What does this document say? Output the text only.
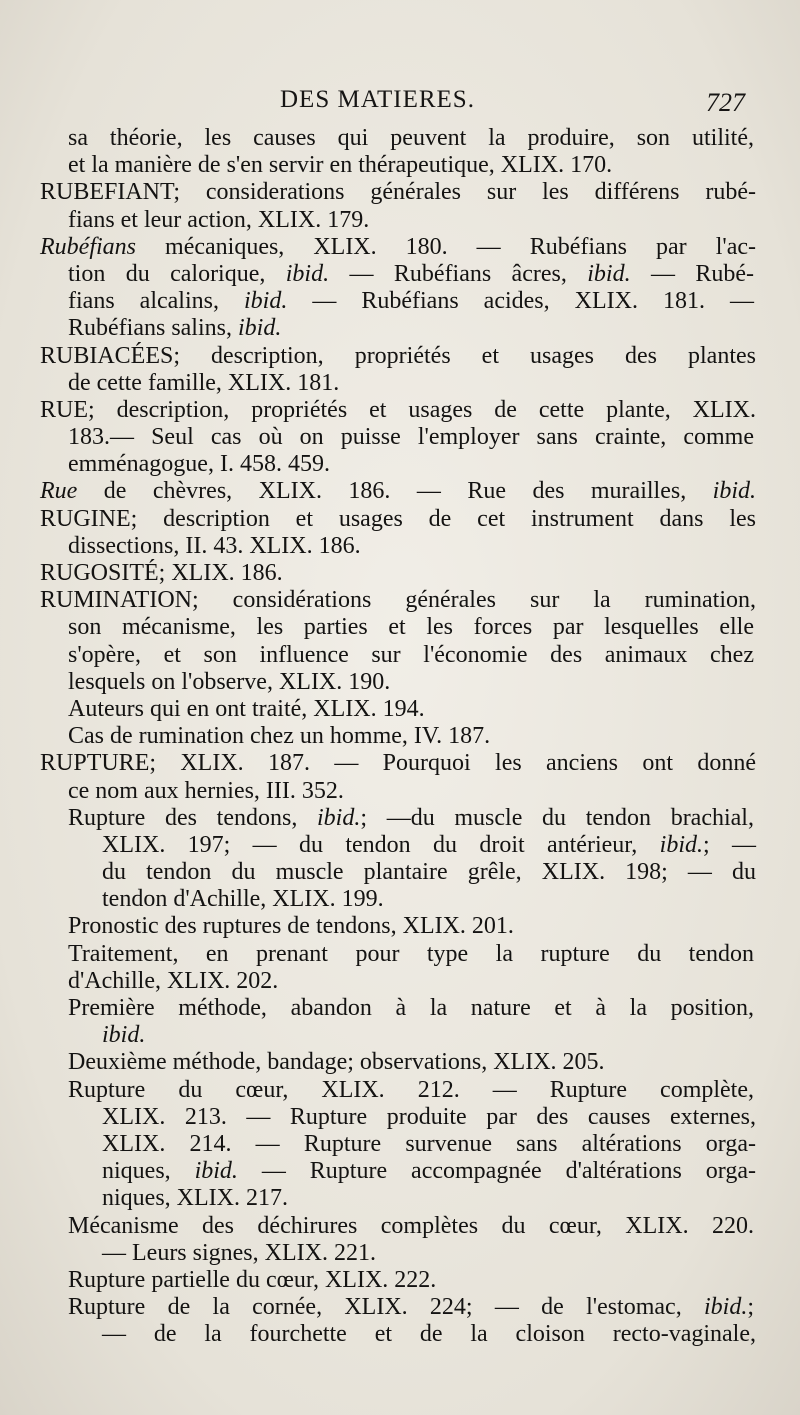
DES MATIERES.	727
sa théorie, les causes qui peuvent la produire, son utilité,
et la manière de s'en servir en thérapeutique, XLIX. 170.
RUBEFIANT; considerations générales sur les différens rubé-
fians et leur action, XLIX. 179.
Rubéfians mécaniques, XLIX. 180. — Rubéfians par l'ac-
tion du calorique, ibid. — Rubéfians âcres, ibid. — Rubé-
fians alcalins, ibid. — Rubéfians acides, XLIX. 181. —
Rubéfians salins, ibid.
RUBIACÉES; description, propriétés et usages des plantes
de cette famille, XLIX. 181.
RUE; description, propriétés et usages de cette plante, XLIX.
183.— Seul cas où on puisse l'employer sans crainte, comme
emménagogue, I. 458. 459.
Rue de chèvres, XLIX. 186. — Rue des murailles, ibid.
RUGINE; description et usages de cet instrument dans les
dissections, II. 43. XLIX. 186.
RUGOSITÉ; XLIX. 186.
RUMINATION; considérations générales sur la rumination,
son mécanisme, les parties et les forces par lesquelles elle
s'opère, et son influence sur l'économie des animaux chez
lesquels on l'observe, XLIX. 190.
Auteurs qui en ont traité, XLIX. 194.
Cas de rumination chez un homme, IV. 187.
RUPTURE; XLIX. 187. — Pourquoi les anciens ont donné
ce nom aux hernies, III. 352.
Rupture des tendons, ibid.; —du muscle du tendon brachial,
XLIX. 197; — du tendon du droit antérieur, ibid.; —
du tendon du muscle plantaire grêle, XLIX. 198; — du
tendon d'Achille, XLIX. 199.
Pronostic des ruptures de tendons, XLIX. 201.
Traitement, en prenant pour type la rupture du tendon
d'Achille, XLIX. 202.
Première méthode, abandon à la nature et à la position,
ibid.
Deuxième méthode, bandage; observations, XLIX. 205.
Rupture du cœur, XLIX. 212. — Rupture complète,
XLIX. 213. — Rupture produite par des causes externes,
XLIX. 214. — Rupture survenue sans altérations orga-
niques, ibid. — Rupture accompagnée d'altérations orga-
niques, XLIX. 217.
Mécanisme des déchirures complètes du cœur, XLIX. 220.
— Leurs signes, XLIX. 221.
Rupture partielle du cœur, XLIX. 222.
Rupture de la cornée, XLIX. 224; — de l'estomac, ibid.;
— de la fourchette et de la cloison recto-vaginale,
